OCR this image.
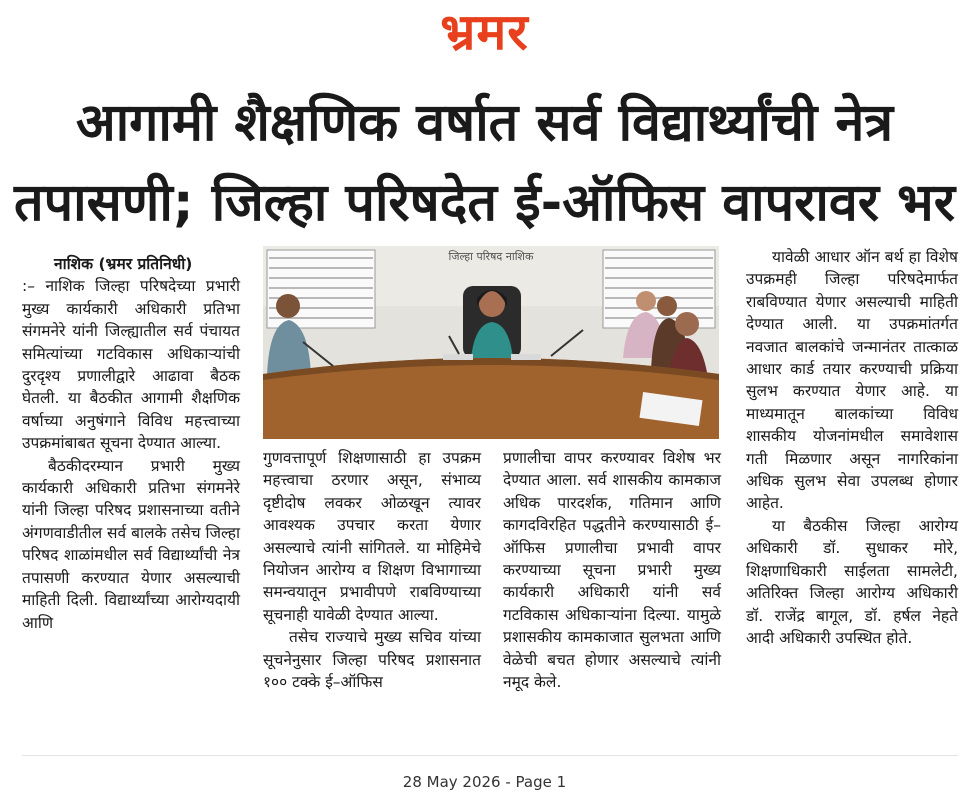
भ्रमर
आगामी शैक्षणिक वर्षात सर्व विद्यार्थ्यांची नेत्र
तपासणी; जिल्हा परिषदेत ई-ऑफिस वापरावर भर
नाशिक (भ्रमर प्रतिनिधी)

:– नाशिक जिल्हा परिषदेच्या प्रभारी मुख्य कार्यकारी अधिकारी प्रतिभा संगमनेरे यांनी जिल्ह्यातील सर्व पंचायत समित्यांच्या गटविकास अधिकाऱ्यांची दुरदृश्य प्रणालीद्वारे आढावा बैठक घेतली. या बैठकीत आगामी शैक्षणिक वर्षाच्या अनुषंगाने विविध महत्त्वाच्या उपक्रमांबाबत सूचना देण्यात आल्या.

बैठकीदरम्यान प्रभारी मुख्य कार्यकारी अधिकारी प्रतिभा संगमनेरे यांनी जिल्हा परिषद प्रशासनाच्या वतीने अंगणवाडीतील सर्व बालके तसेच जिल्हा परिषद शाळांमधील सर्व विद्यार्थ्यांची नेत्र तपासणी करण्यात येणार असल्याची माहिती दिली. विद्यार्थ्यांच्या आरोग्यदायी आणि

जिल्हा परिषद नाशिक

गुणवत्तापूर्ण शिक्षणासाठी हा उपक्रम महत्त्वाचा ठरणार असून, संभाव्य दृष्टीदोष लवकर ओळखून त्यावर आवश्यक उपचार करता येणार असल्याचे त्यांनी सांगितले. या मोहिमेचे नियोजन आरोग्य व शिक्षण विभागाच्या समन्वयातून प्रभावीपणे राबविण्याच्या सूचनाही यावेळी देण्यात आल्या.

तसेच राज्याचे मुख्य सचिव यांच्या सूचनेनुसार जिल्हा परिषद प्रशासनात १०० टक्के ई–ऑफिस

प्रणालीचा वापर करण्यावर विशेष भर देण्यात आला. सर्व शासकीय कामकाज अधिक पारदर्शक, गतिमान आणि कागदविरहित पद्धतीने करण्यासाठी ई–ऑफिस प्रणालीचा प्रभावी वापर करण्याच्या सूचना प्रभारी मुख्य कार्यकारी अधिकारी यांनी सर्व गटविकास अधिकाऱ्यांना दिल्या. यामुळे प्रशासकीय कामकाजात सुलभता आणि वेळेची बचत होणार असल्याचे त्यांनी नमूद केले.

यावेळी आधार ऑन बर्थ हा विशेष उपक्रमही जिल्हा परिषदेमार्फत राबविण्यात येणार असल्याची माहिती देण्यात आली. या उपक्रमांतर्गत नवजात बालकांचे जन्मानंतर तात्काळ आधार कार्ड तयार करण्याची प्रक्रिया सुलभ करण्यात येणार आहे. या माध्यमातून बालकांच्या विविध शासकीय योजनांमधील समावेशास गती मिळणार असून नागरिकांना अधिक सुलभ सेवा उपलब्ध होणार आहेत.

या बैठकीस जिल्हा आरोग्य अधिकारी डॉ. सुधाकर मोरे, शिक्षणाधिकारी साईलता सामलेटी, अतिरिक्त जिल्हा आरोग्य अधिकारी डॉ. राजेंद्र बागूल, डॉ. हर्षल नेहते आदी अधिकारी उपस्थित होते.

28 May 2026 - Page 1
